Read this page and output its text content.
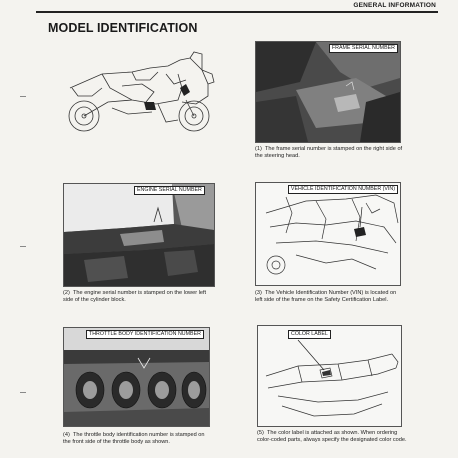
GENERAL INFORMATION
MODEL IDENTIFICATION
FRAME SERIAL NUMBER
(1) The frame serial number is stamped on the right side of the steering head.
ENGINE SERIAL NUMBER
(2) The engine serial number is stamped on the lower left side of the cylinder block.
VEHICLE IDENTIFICATION NUMBER (VIN)
(3) The Vehicle Identification Number (VIN) is located on left side of the frame on the Safety Certification Label.
THROTTLE BODY IDENTIFICATION NUMBER
(4) The throttle body identification number is stamped on the front side of the throttle body as shown.
COLOR LABEL
(5) The color label is attached as shown. When ordering color-coded parts, always specify the designated color code.
